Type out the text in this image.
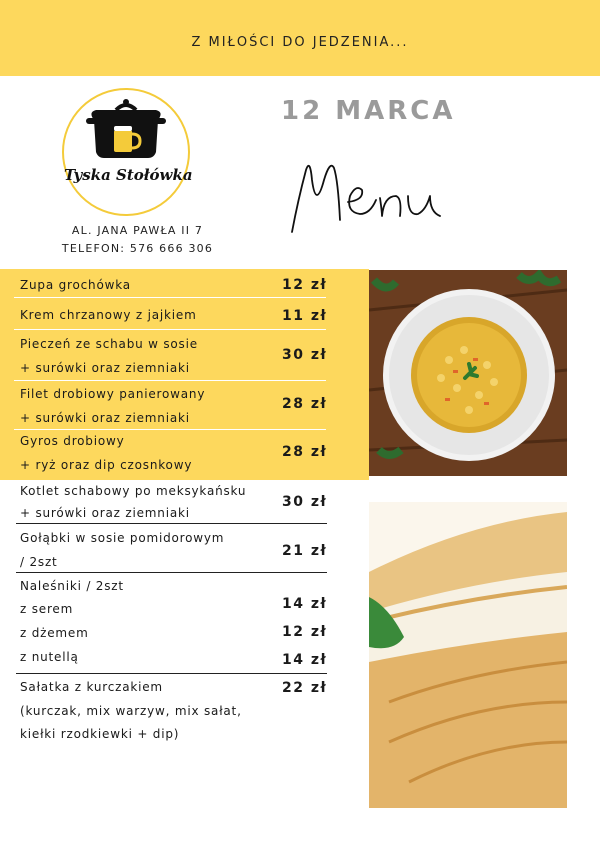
Z MIŁOŚCI DO JEDZENIA...
Tyska Stołówka
AL. JANA PAWŁA II 7
TELEFON: 576 666 306
12 MARCA
Zupa grochówka	12 zł
Krem chrzanowy z jajkiem	11 zł
Pieczeń ze schabu w sosie
+ surówki oraz ziemniaki
30 zł
Filet drobiowy panierowany
+ surówki oraz ziemniaki
28 zł
Gyros drobiowy
+ ryż oraz dip czosnkowy
28 zł
Kotlet schabowy po meksykańsku
+ surówki oraz ziemniaki
30 zł
Gołąbki w sosie pomidorowym
/ 2szt
21 zł
Naleśniki / 2szt
z serem
z dżemem
z nutellą
14 zł
12 zł
14 zł
Sałatka z kurczakiem
(kurczak, mix warzyw, mix sałat,
kiełki rzodkiewki + dip)
22 zł
